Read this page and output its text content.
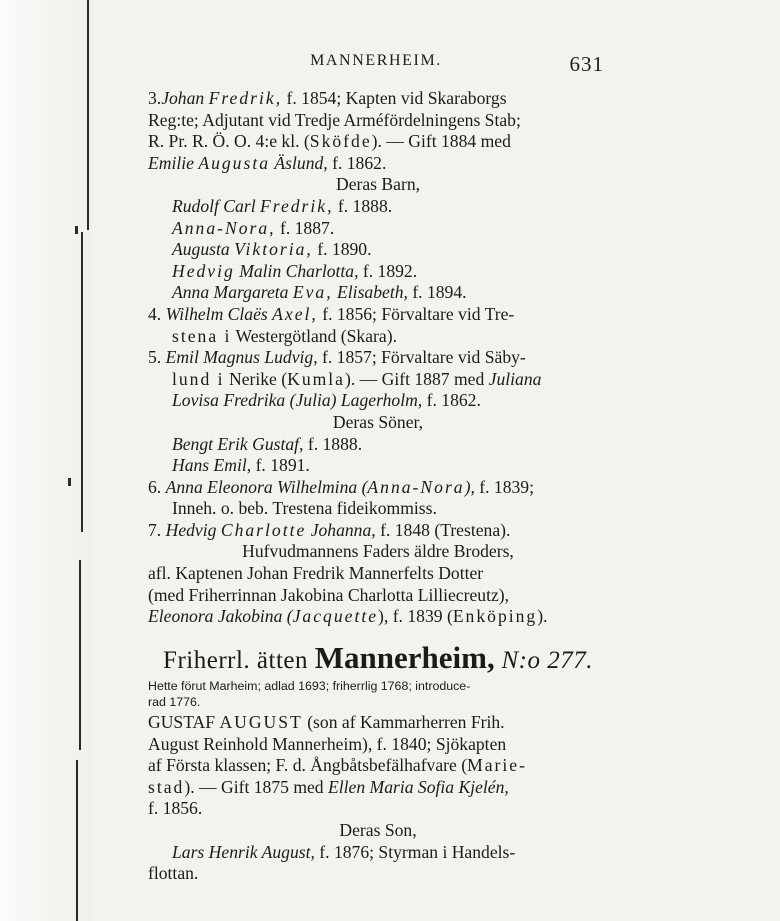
MANNERHEIM.	631
3.Johan Fredrik, f. 1854; Kapten vid Skaraborgs
Reg:te; Adjutant vid Tredje Arméfördelningens Stab;
R. Pr. R. Ö. O. 4:e kl. (Sköfde). — Gift 1884 med
Emilie Augusta Äslund, f. 1862.
Deras Barn,
Rudolf Carl Fredrik, f. 1888.
Anna-Nora, f. 1887.
Augusta Viktoria, f. 1890.
Hedvig Malin Charlotta, f. 1892.
Anna Margareta Eva, Elisabeth, f. 1894.
4. Wilhelm Claës Axel, f. 1856; Förvaltare vid Tre-
stena i Westergötland (Skara).
5. Emil Magnus Ludvig, f. 1857; Förvaltare vid Säby-
lund i Nerike (Kumla). — Gift 1887 med Juliana
Lovisa Fredrika (Julia) Lagerholm, f. 1862.
Deras Söner,
Bengt Erik Gustaf, f. 1888.
Hans Emil, f. 1891.
6. Anna Eleonora Wilhelmina (Anna-Nora), f. 1839;
Inneh. o. beb. Trestena fideikommiss.
7. Hedvig Charlotte Johanna, f. 1848 (Trestena).
Hufvudmannens Faders äldre Broders,
afl. Kaptenen Johan Fredrik Mannerfelts Dotter
(med Friherrinnan Jakobina Charlotta Lilliecreutz),
Eleonora Jakobina (Jacquette), f. 1839 (Enköping).
Friherrl. ätten Mannerheim, N:o 277.
Hette förut Marheim; adlad 1693; friherrlig 1768; introduce-
rad 1776.
GUSTAF AUGUST (son af Kammarherren Frih.
August Reinhold Mannerheim), f. 1840; Sjökapten
af Första klassen; F. d. Ångbåtsbefälhafvare (Marie-
stad). — Gift 1875 med Ellen Maria Sofia Kjelén,
f. 1856.
Deras Son,
Lars Henrik August, f. 1876; Styrman i Handels-
flottan.
